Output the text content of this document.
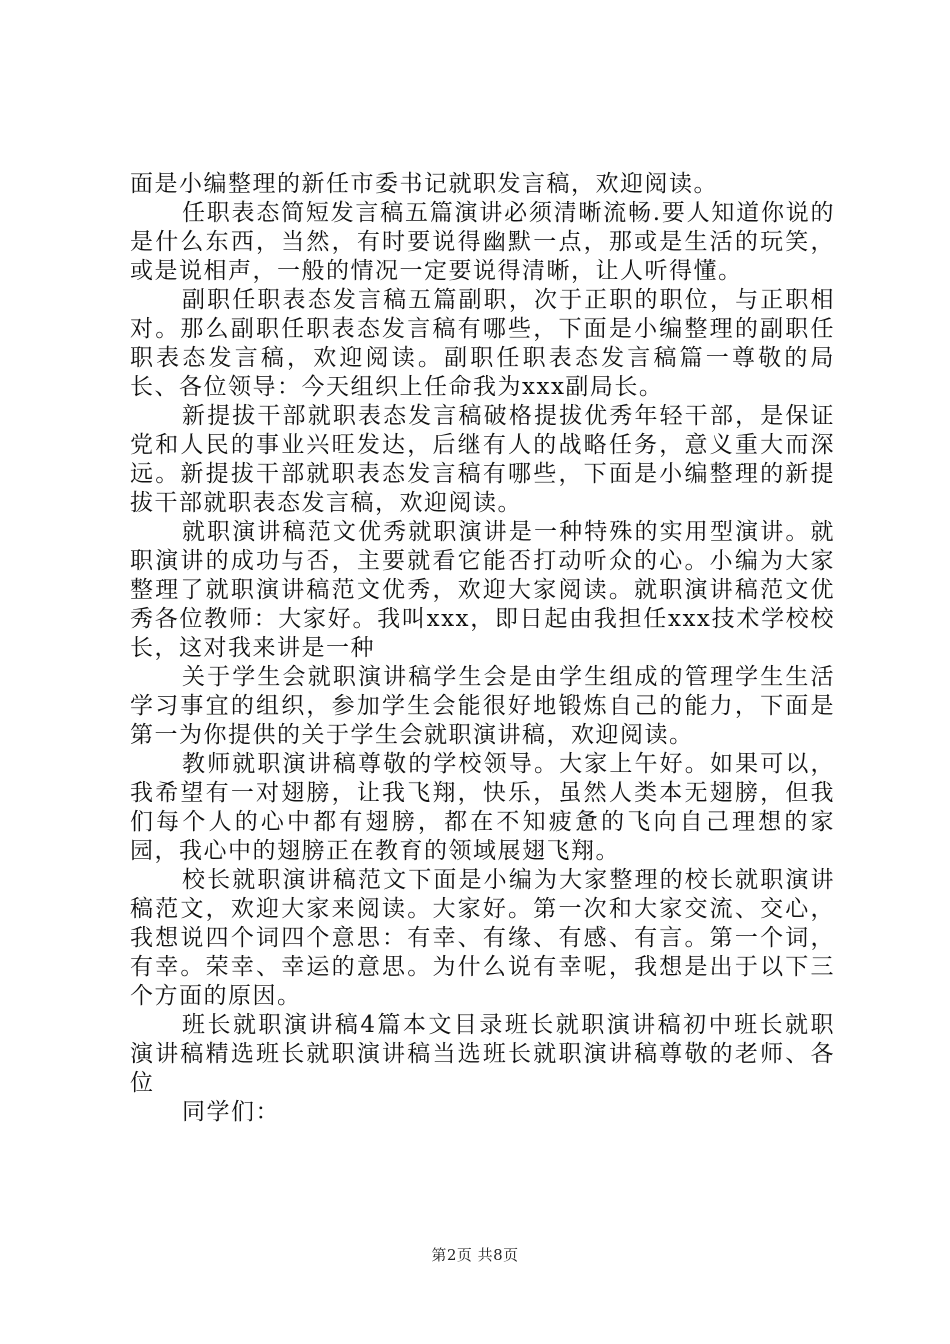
面是小编整理的新任市委书记就职发言稿，欢迎阅读。

任职表态简短发言稿五篇演讲必须清晰流畅.要人知道你说的是什么东西，当然，有时要说得幽默一点，那或是生活的玩笑，或是说相声，一般的情况一定要说得清晰，让人听得懂。

副职任职表态发言稿五篇副职，次于正职的职位，与正职相对。那么副职任职表态发言稿有哪些，下面是小编整理的副职任职表态发言稿，欢迎阅读。副职任职表态发言稿篇一尊敬的局长、各位领导：今天组织上任命我为xxx副局长。

新提拔干部就职表态发言稿破格提拔优秀年轻干部，是保证党和人民的事业兴旺发达，后继有人的战略任务，意义重大而深远。新提拔干部就职表态发言稿有哪些，下面是小编整理的新提拔干部就职表态发言稿，欢迎阅读。

就职演讲稿范文优秀就职演讲是一种特殊的实用型演讲。就职演讲的成功与否，主要就看它能否打动听众的心。小编为大家整理了就职演讲稿范文优秀，欢迎大家阅读。就职演讲稿范文优秀各位教师：大家好。我叫xxx，即日起由我担任xxx技术学校校长，这对我来讲是一种

关于学生会就职演讲稿学生会是由学生组成的管理学生生活学习事宜的组织，参加学生会能很好地锻炼自己的能力，下面是第一为你提供的关于学生会就职演讲稿，欢迎阅读。

教师就职演讲稿尊敬的学校领导。大家上午好。如果可以，我希望有一对翅膀，让我飞翔，快乐，虽然人类本无翅膀，但我们每个人的心中都有翅膀，都在不知疲惫的飞向自己理想的家园，我心中的翅膀正在教育的领域展翅飞翔。

校长就职演讲稿范文下面是小编为大家整理的校长就职演讲稿范文，欢迎大家来阅读。大家好。第一次和大家交流、交心，我想说四个词四个意思：有幸、有缘、有感、有言。第一个词，有幸。荣幸、幸运的意思。为什么说有幸呢，我想是出于以下三个方面的原因。

班长就职演讲稿4篇本文目录班长就职演讲稿初中班长就职演讲稿精选班长就职演讲稿当选班长就职演讲稿尊敬的老师、各位

同学们：

第2页 共8页
